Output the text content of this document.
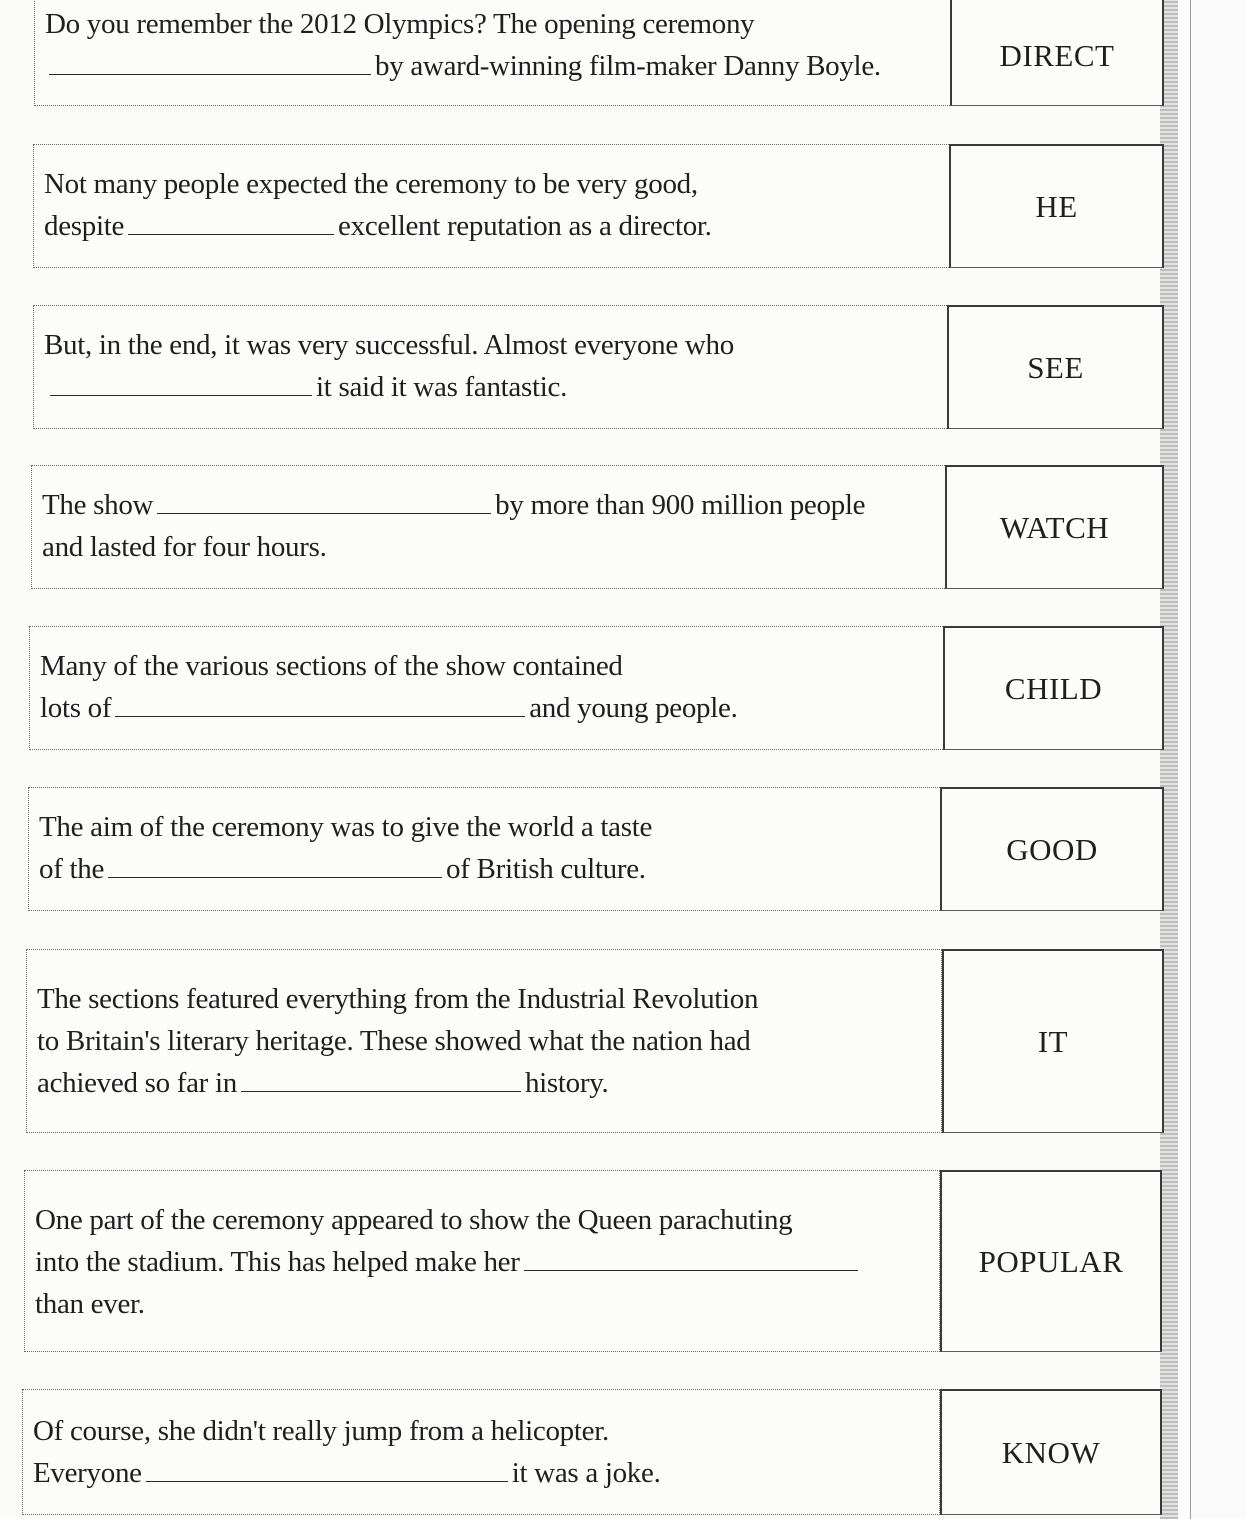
Do you remember the 2012 Olympics? The opening ceremony
by award-winning film-maker Danny Boyle.	DIRECT
Not many people expected the ceremony to be very good,
despite	excellent reputation as a director.
HE
But, in the end, it was very successful. Almost everyone who
it said it was fantastic.
SEE
The show	by more than 900 million people
and lasted for four hours.
WATCH
Many of the various sections of the show contained
lots of	and young people.
CHILD
The aim of the ceremony was to give the world a taste
of the	of British culture.
GOOD
The sections featured everything from the Industrial Revolution
to Britain's literary heritage. These showed what the nation had
achieved so far in	history.
IT
One part of the ceremony appeared to show the Queen parachuting
into the stadium. This has helped make her
than ever.
POPULAR
Of course, she didn't really jump from a helicopter.
Everyone	it was a joke.
KNOW
